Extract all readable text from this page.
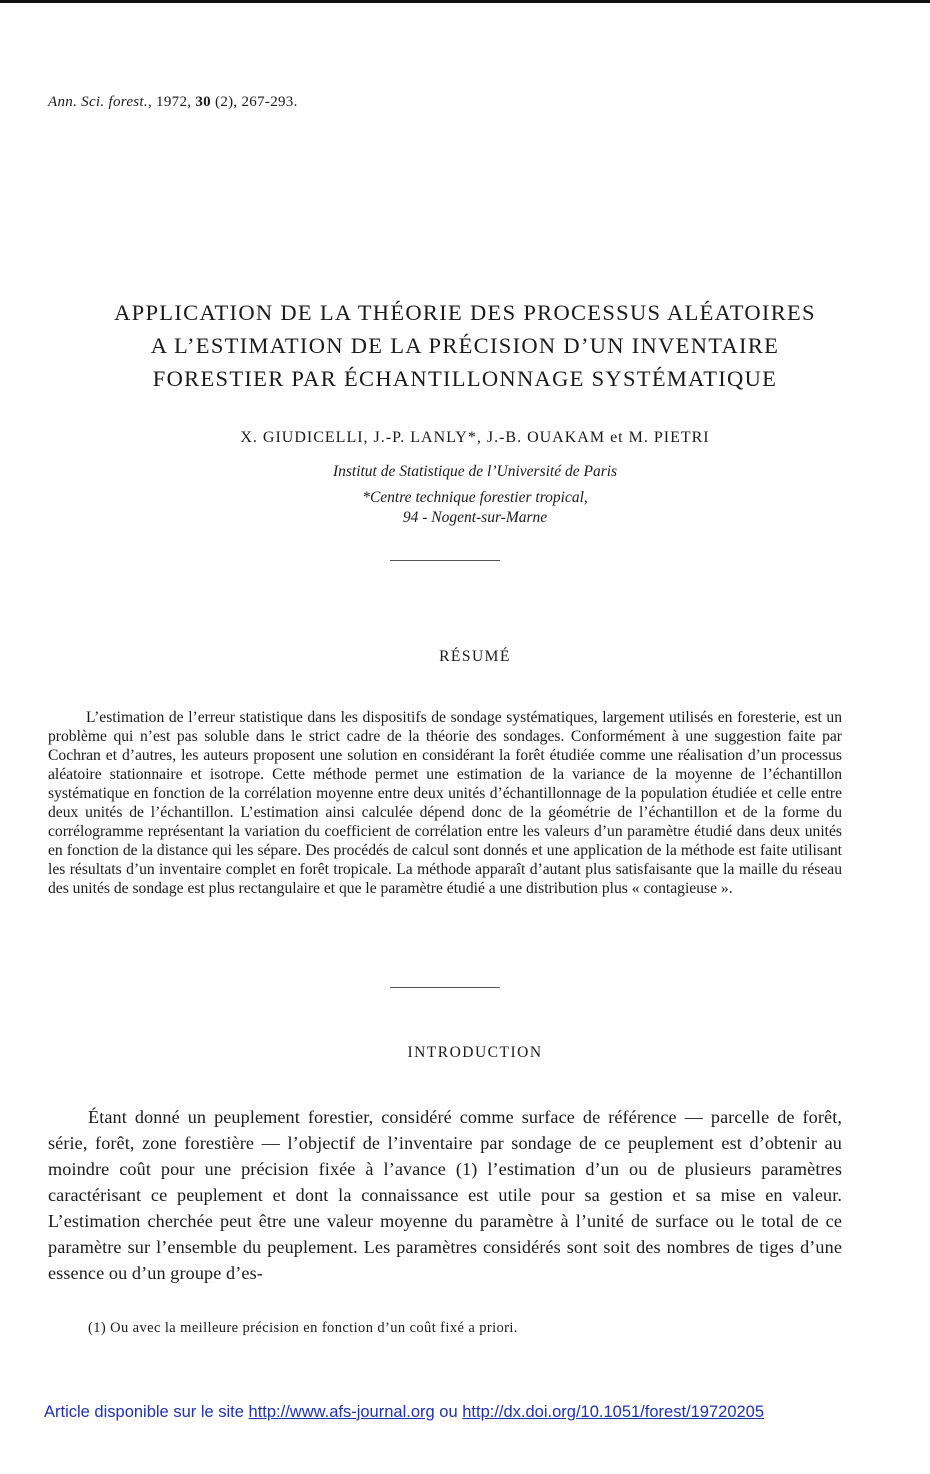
Ann. Sci. forest., 1972, 30 (2), 267-293.
APPLICATION DE LA THÉORIE DES PROCESSUS ALÉATOIRES
A L’ESTIMATION DE LA PRÉCISION D’UN INVENTAIRE
FORESTIER PAR ÉCHANTILLONNAGE SYSTÉMATIQUE
X. GIUDICELLI, J.-P. LANLY*, J.-B. OUAKAM et M. PIETRI
Institut de Statistique de l’Université de Paris
*Centre technique forestier tropical,
94 - Nogent-sur-Marne
RÉSUMÉ

L’estimation de l’erreur statistique dans les dispositifs de sondage systématiques, largement utilisés en foresterie, est un problème qui n’est pas soluble dans le strict cadre de la théorie des sondages. Conformément à une suggestion faite par Cochran et d’autres, les auteurs proposent une solution en considérant la forêt étudiée comme une réalisation d’un processus aléatoire stationnaire et isotrope. Cette méthode permet une estimation de la variance de la moyenne de l’échantillon systématique en fonction de la corrélation moyenne entre deux unités d’échantillonnage de la population étudiée et celle entre deux unités de l’échantillon. L’estimation ainsi calculée dépend donc de la géométrie de l’échantillon et de la forme du corrélogramme représentant la variation du coefficient de corrélation entre les valeurs d’un paramètre étudié dans deux unités en fonction de la distance qui les sépare. Des procédés de calcul sont donnés et une application de la méthode est faite utilisant les résultats d’un inventaire complet en forêt tropicale. La méthode apparaît d’autant plus satisfaisante que la maille du réseau des unités de sondage est plus rectangulaire et que le paramètre étudié a une distribution plus « contagieuse ».

INTRODUCTION

Étant donné un peuplement forestier, considéré comme surface de référence — parcelle de forêt, série, forêt, zone forestière — l’objectif de l’inventaire par sondage de ce peuplement est d’obtenir au moindre coût pour une précision fixée à l’avance (1) l’estimation d’un ou de plusieurs paramètres caractérisant ce peuplement et dont la connaissance est utile pour sa gestion et sa mise en valeur. L’estimation cherchée peut être une valeur moyenne du paramètre à l’unité de surface ou le total de ce paramètre sur l’ensemble du peuplement. Les paramètres considérés sont soit des nombres de tiges d’une essence ou d’un groupe d’es-

(1) Ou avec la meilleure précision en fonction d’un coût fixé a priori.
Article disponible sur le site http://www.afs-journal.org ou http://dx.doi.org/10.1051/forest/19720205
